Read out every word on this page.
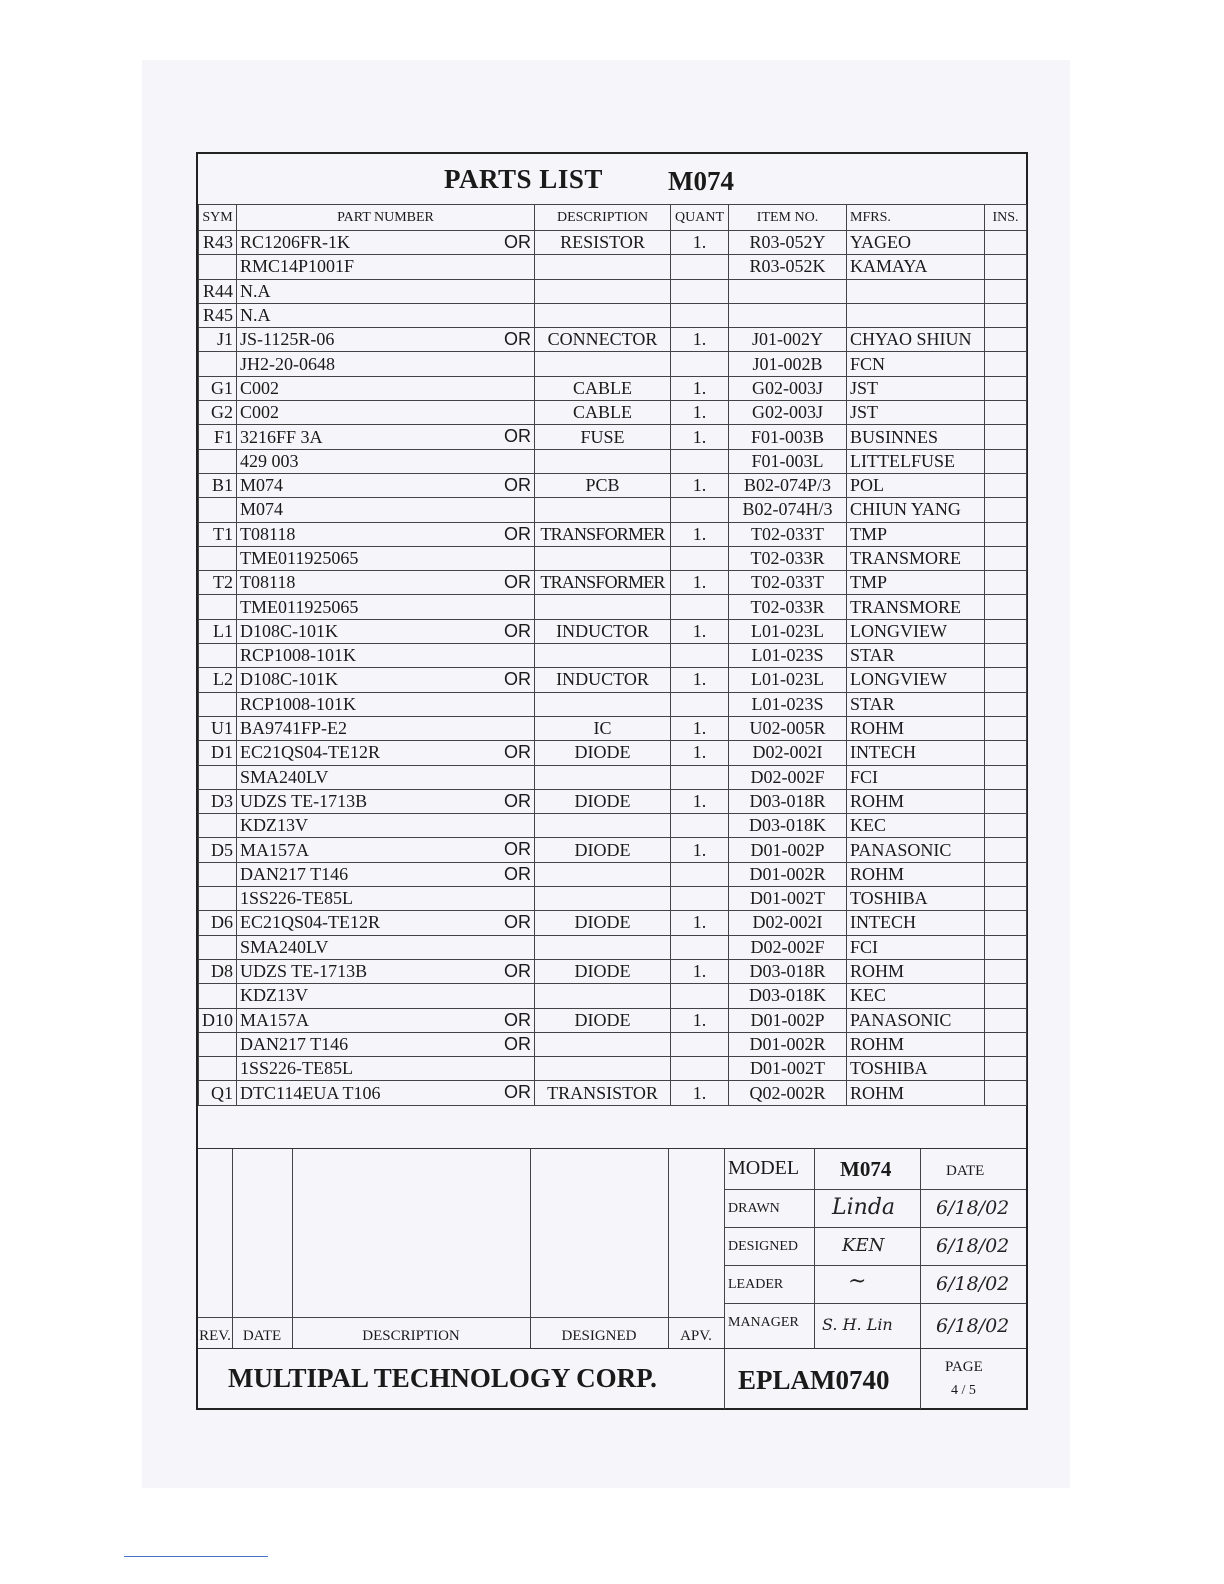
PARTS LIST M074
SYM	PART NUMBER	DESCRIPTION	QUANT	ITEM NO.	MFRS.	INS.
R43	RC1206FR-1K OR	RESISTOR	1.	R03-052Y	YAGEO	
	RMC14P1001F			R03-052K	KAMAYA	
R44	N.A

R45	N.A

J1	JS-1125R-06 OR	CONNECTOR	1.	J01-002Y	CHYAO SHIUN	
	JH2-20-0648			J01-002B	FCN	
G1	C002	CABLE	1.	G02-003J	JST	
G2	C002	CABLE	1.	G02-003J	JST	
F1	3216FF 3A OR	FUSE	1.	F01-003B	BUSINNES	
	429 003			F01-003L	LITTELFUSE	
B1	M074 OR	PCB	1.	B02-074P/3	POL	
	M074			B02-074H/3	CHIUN YANG	
T1	T08118 OR	TRANSFORMER	1.	T02-033T	TMP	
	TME011925065			T02-033R	TRANSMORE	
T2	T08118 OR	TRANSFORMER	1.	T02-033T	TMP	
	TME011925065			T02-033R	TRANSMORE	
L1	D108C-101K OR	INDUCTOR	1.	L01-023L	LONGVIEW	
	RCP1008-101K			L01-023S	STAR	
L2	D108C-101K OR	INDUCTOR	1.	L01-023L	LONGVIEW	
	RCP1008-101K			L01-023S	STAR	
U1	BA9741FP-E2	IC	1.	U02-005R	ROHM	
D1	EC21QS04-TE12R OR	DIODE	1.	D02-002I	INTECH	
	SMA240LV			D02-002F	FCI	
D3	UDZS TE-1713B OR	DIODE	1.	D03-018R	ROHM	
	KDZ13V			D03-018K	KEC	
D5	MA157A OR	DIODE	1.	D01-002P	PANASONIC	
	DAN217 T146 OR			D01-002R	ROHM	
	1SS226-TE85L			D01-002T	TOSHIBA	
D6	EC21QS04-TE12R OR	DIODE	1.	D02-002I	INTECH	
	SMA240LV			D02-002F	FCI	
D8	UDZS TE-1713B OR	DIODE	1.	D03-018R	ROHM	
	KDZ13V			D03-018K	KEC	
D10	MA157A OR	DIODE	1.	D01-002P	PANASONIC	
	DAN217 T146 OR			D01-002R	ROHM	
	1SS226-TE85L			D01-002T	TOSHIBA	
Q1	DTC114EUA T106 OR	TRANSISTOR	1.	Q02-002R	ROHM	
REV. DATE	DESCRIPTION	DESIGNED	APV.
MODEL M074	DATE
DRAWN Linda 6/18/02
DESIGNED KEN	6/18/02
LEADER	~	6/18/02
MANAGER S. H. Lin 6/18/02
MULTIPAL TECHNOLOGY CORP.	EPLAM0740	PAGE
4 / 5
